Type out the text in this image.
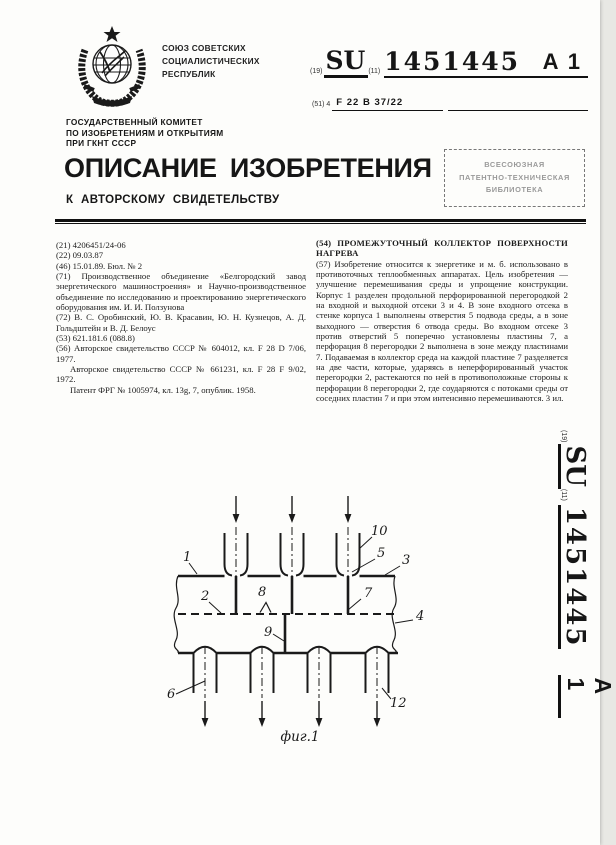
СОЮЗ СОВЕТСКИХ
СОЦИАЛИСТИЧЕСКИХ
РЕСПУБЛИК	(19) SU (11) 1451445 A 1
(51) 4 F 22 B 37/22
ГОСУДАРСТВЕННЫЙ КОМИТЕТ
ПО ИЗОБРЕТЕНИЯМ И ОТКРЫТИЯМ
ПРИ ГКНТ СССР
ВСЕСОЮЗНАЯ
ПАТЕНТНО-ТЕХНИЧЕСКАЯ
БИБЛИОТЕКА
ОПИСАНИЕ ИЗОБРЕТЕНИЯ
К АВТОРСКОМУ СВИДЕТЕЛЬСТВУ

(21) 4206451/24-06

(22) 09.03.87

(46) 15.01.89. Бюл. № 2

(71) Производственное объединение «Белгородский завод энергетического машиностроения» и Научно-производственное объединение по исследованию и проектированию энергетического оборудования им. И. И. Ползунова

(72) В. С. Оробинский, Ю. В. Красавин, Ю. Н. Кузнецов, А. Д. Гольдштейн и В. Д. Белоус

(53) 621.181.6 (088.8)

(56) Авторское свидетельство СССР № 604012, кл. F 28 D 7/06, 1977.

Авторское свидетельство СССР № 661231, кл. F 28 F 9/02, 1972.

Патент ФРГ № 1005974, кл. 13g, 7, опублик. 1958.

(54) ПРОМЕЖУТОЧНЫЙ КОЛЛЕКТОР ПОВЕРХНОСТИ НАГРЕВА

(57) Изобретение относится к энергетике и м. б. использовано в противоточных теплообменных аппаратах. Цель изобретения — улучшение перемешивания среды и упрощение конструкции. Корпус 1 разделен продольной перфорированной перегородкой 2 на входной и выходной отсеки 3 и 4. В зоне входного отсека в стенке корпуса 1 выполнены отверстия 5 подвода среды, а в зоне выходного — отверстия 6 отвода среды. Во входном отсеке 3 против отверстий 5 поперечно установлены пластины 7, а перфорация 8 перегородки 2 выполнена в зоне между пластинами 7. Подаваемая в коллектор среда на каждой пластине 7 разделяется на две части, которые, ударяясь в неперфорированный участок перегородки 2, растекаются по ней в противоположные стороны к перфорации 8 перегородки 2, где соударяются с потоками среды от соседних пластин 7 и при этом интенсивно перемешиваются. 3 ил.

(19)
SU
(11)
1451445
A 1
1
2
3
4
5
6
7
8
9
10
12
фиг.1
